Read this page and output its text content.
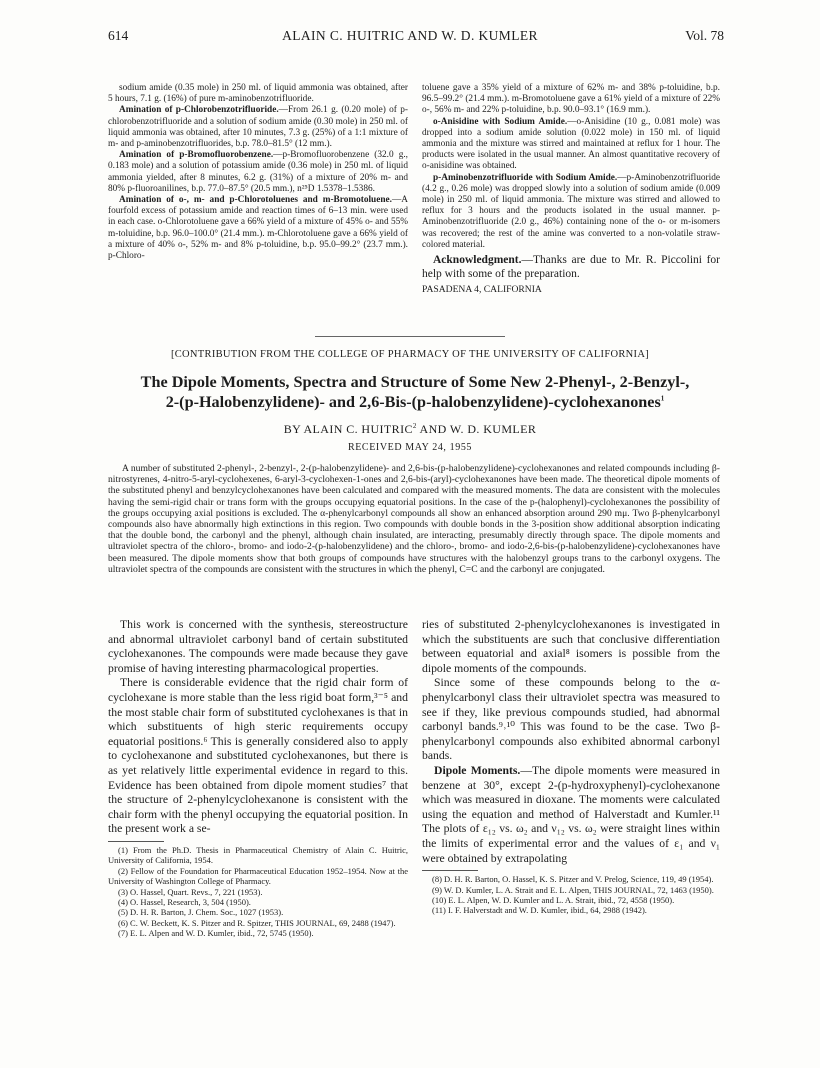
614	ALAIN C. HUITRIC AND W. D. KUMLER	Vol. 78

sodium amide (0.35 mole) in 250 ml. of liquid ammonia was obtained, after 5 hours, 7.1 g. (16%) of pure m-aminobenzotrifluoride.

Amination of p-Chlorobenzotrifluoride.—From 26.1 g. (0.20 mole) of p-chlorobenzotrifluoride and a solution of sodium amide (0.30 mole) in 250 ml. of liquid ammonia was obtained, after 10 minutes, 7.3 g. (25%) of a 1:1 mixture of m- and p-aminobenzotrifluorides, b.p. 78.0–81.5° (12 mm.).

Amination of p-Bromofluorobenzene.—p-Bromofluorobenzene (32.0 g., 0.183 mole) and a solution of potassium amide (0.36 mole) in 250 ml. of liquid ammonia yielded, after 8 minutes, 6.2 g. (31%) of a mixture of 20% m- and 80% p-fluoroanilines, b.p. 77.0–87.5° (20.5 mm.), n²⁵D 1.5378–1.5386.

Amination of o-, m- and p-Chlorotoluenes and m-Bromotoluene.—A fourfold excess of potassium amide and reaction times of 6–13 min. were used in each case. o-Chlorotoluene gave a 66% yield of a mixture of 45% o- and 55% m-toluidine, b.p. 96.0–100.0° (21.4 mm.). m-Chlorotoluene gave a 66% yield of a mixture of 40% o-, 52% m- and 8% p-toluidine, b.p. 95.0–99.2° (23.7 mm.). p-Chloro-

toluene gave a 35% yield of a mixture of 62% m- and 38% p-toluidine, b.p. 96.5–99.2° (21.4 mm.). m-Bromotoluene gave a 61% yield of a mixture of 22% o-, 56% m- and 22% p-toluidine, b.p. 90.0–93.1° (16.9 mm.).

o-Anisidine with Sodium Amide.—o-Anisidine (10 g., 0.081 mole) was dropped into a sodium amide solution (0.022 mole) in 150 ml. of liquid ammonia and the mixture was stirred and maintained at reflux for 1 hour. The products were isolated in the usual manner. An almost quantitative recovery of o-anisidine was obtained.

p-Aminobenzotrifluoride with Sodium Amide.—p-Aminobenzotrifluoride (4.2 g., 0.26 mole) was dropped slowly into a solution of sodium amide (0.009 mole) in 250 ml. of liquid ammonia. The mixture was stirred and allowed to reflux for 3 hours and the products isolated in the usual manner. p-Aminobenzotrifluoride (2.0 g., 46%) containing none of the o- or m-isomers was recovered; the rest of the amine was converted to a non-volatile straw-colored material.

Acknowledgment.—Thanks are due to Mr. R. Piccolini for help with some of the preparation.

PASADENA 4, CALIFORNIA

[CONTRIBUTION FROM THE COLLEGE OF PHARMACY OF THE UNIVERSITY OF CALIFORNIA]
The Dipole Moments, Spectra and Structure of Some New 2-Phenyl-, 2-Benzyl-,
2-(p-Halobenzylidene)- and 2,6-Bis-(p-halobenzylidene)-cyclohexanones$^1$
BY ALAIN C. HUITRIC$^2$ AND W. D. KUMLER
RECEIVED MAY 24, 1955
A number of substituted 2-phenyl-, 2-benzyl-, 2-(p-halobenzylidene)- and 2,6-bis-(p-halobenzylidene)-cyclohexanones and related compounds including β-nitrostyrenes, 4-nitro-5-aryl-cyclohexenes, 6-aryl-3-cyclohexen-1-ones and 2,6-bis-(aryl)-cyclohexanones have been made. The theoretical dipole moments of the substituted phenyl and benzylcyclohexanones have been calculated and compared with the measured moments. The data are consistent with the molecules having the semi-rigid chair or trans form with the groups occupying equatorial positions. In the case of the p-(halophenyl)-cyclohexanones the possibility of the groups occupying axial positions is excluded. The α-phenylcarbonyl compounds all show an enhanced absorption around 290 mμ. Two β-phenylcarbonyl compounds also have abnormally high extinctions in this region. Two compounds with double bonds in the 3-position show additional absorption indicating that the double bond, the carbonyl and the phenyl, although chain insulated, are interacting, presumably directly through space. The dipole moments and ultraviolet spectra of the chloro-, bromo- and iodo-2-(p-halobenzylidene) and the chloro-, bromo- and iodo-2,6-bis-(p-halobenzylidene)-cyclohexanones have been measured. The dipole moments show that both groups of compounds have structures with the halobenzyl groups trans to the carbonyl oxygens. The ultraviolet spectra of the compounds are consistent with the structures in which the phenyl, C=C and the carbonyl are conjugated.

This work is concerned with the synthesis, stereostructure and abnormal ultraviolet carbonyl band of certain substituted cyclohexanones. The compounds were made because they gave promise of having interesting pharmacological properties.

There is considerable evidence that the rigid chair form of cyclohexane is more stable than the less rigid boat form,³⁻⁵ and the most stable chair form of substituted cyclohexanes is that in which substituents of high steric requirements occupy equatorial positions.⁶ This is generally considered also to apply to cyclohexanone and substituted cyclohexanones, but there is as yet relatively little experimental evidence in regard to this. Evidence has been obtained from dipole moment studies⁷ that the structure of 2-phenylcyclohexanone is consistent with the chair form with the phenyl occupying the equatorial position. In the present work a se-

(1) From the Ph.D. Thesis in Pharmaceutical Chemistry of Alain C. Huitric, University of California, 1954.

(2) Fellow of the Foundation for Pharmaceutical Education 1952–1954. Now at the University of Washington College of Pharmacy.

(3) O. Hassel, Quart. Revs., 7, 221 (1953).

(4) O. Hassel, Research, 3, 504 (1950).

(5) D. H. R. Barton, J. Chem. Soc., 1027 (1953).

(6) C. W. Beckett, K. S. Pitzer and R. Spitzer, THIS JOURNAL, 69, 2488 (1947).

(7) E. L. Alpen and W. D. Kumler, ibid., 72, 5745 (1950).

ries of substituted 2-phenylcyclohexanones is investigated in which the substituents are such that conclusive differentiation between equatorial and axial⁸ isomers is possible from the dipole moments of the compounds.

Since some of these compounds belong to the α-phenylcarbonyl class their ultraviolet spectra was measured to see if they, like previous compounds studied, had abnormal carbonyl bands.⁹˒¹⁰ This was found to be the case. Two β-phenylcarbonyl compounds also exhibited abnormal carbonyl bands.

Dipole Moments.—The dipole moments were measured in benzene at 30°, except 2-(p-hydroxyphenyl)-cyclohexanone which was measured in dioxane. The moments were calculated using the equation and method of Halverstadt and Kumler.¹¹ The plots of ε₁₂ vs. ω₂ and ν₁₂ vs. ω₂ were straight lines within the limits of experimental error and the values of ε₁ and ν₁ were obtained by extrapolating

(8) D. H. R. Barton, O. Hassel, K. S. Pitzer and V. Prelog, Science, 119, 49 (1954).

(9) W. D. Kumler, L. A. Strait and E. L. Alpen, THIS JOURNAL, 72, 1463 (1950).

(10) E. L. Alpen, W. D. Kumler and L. A. Strait, ibid., 72, 4558 (1950).

(11) I. F. Halverstadt and W. D. Kumler, ibid., 64, 2988 (1942).
